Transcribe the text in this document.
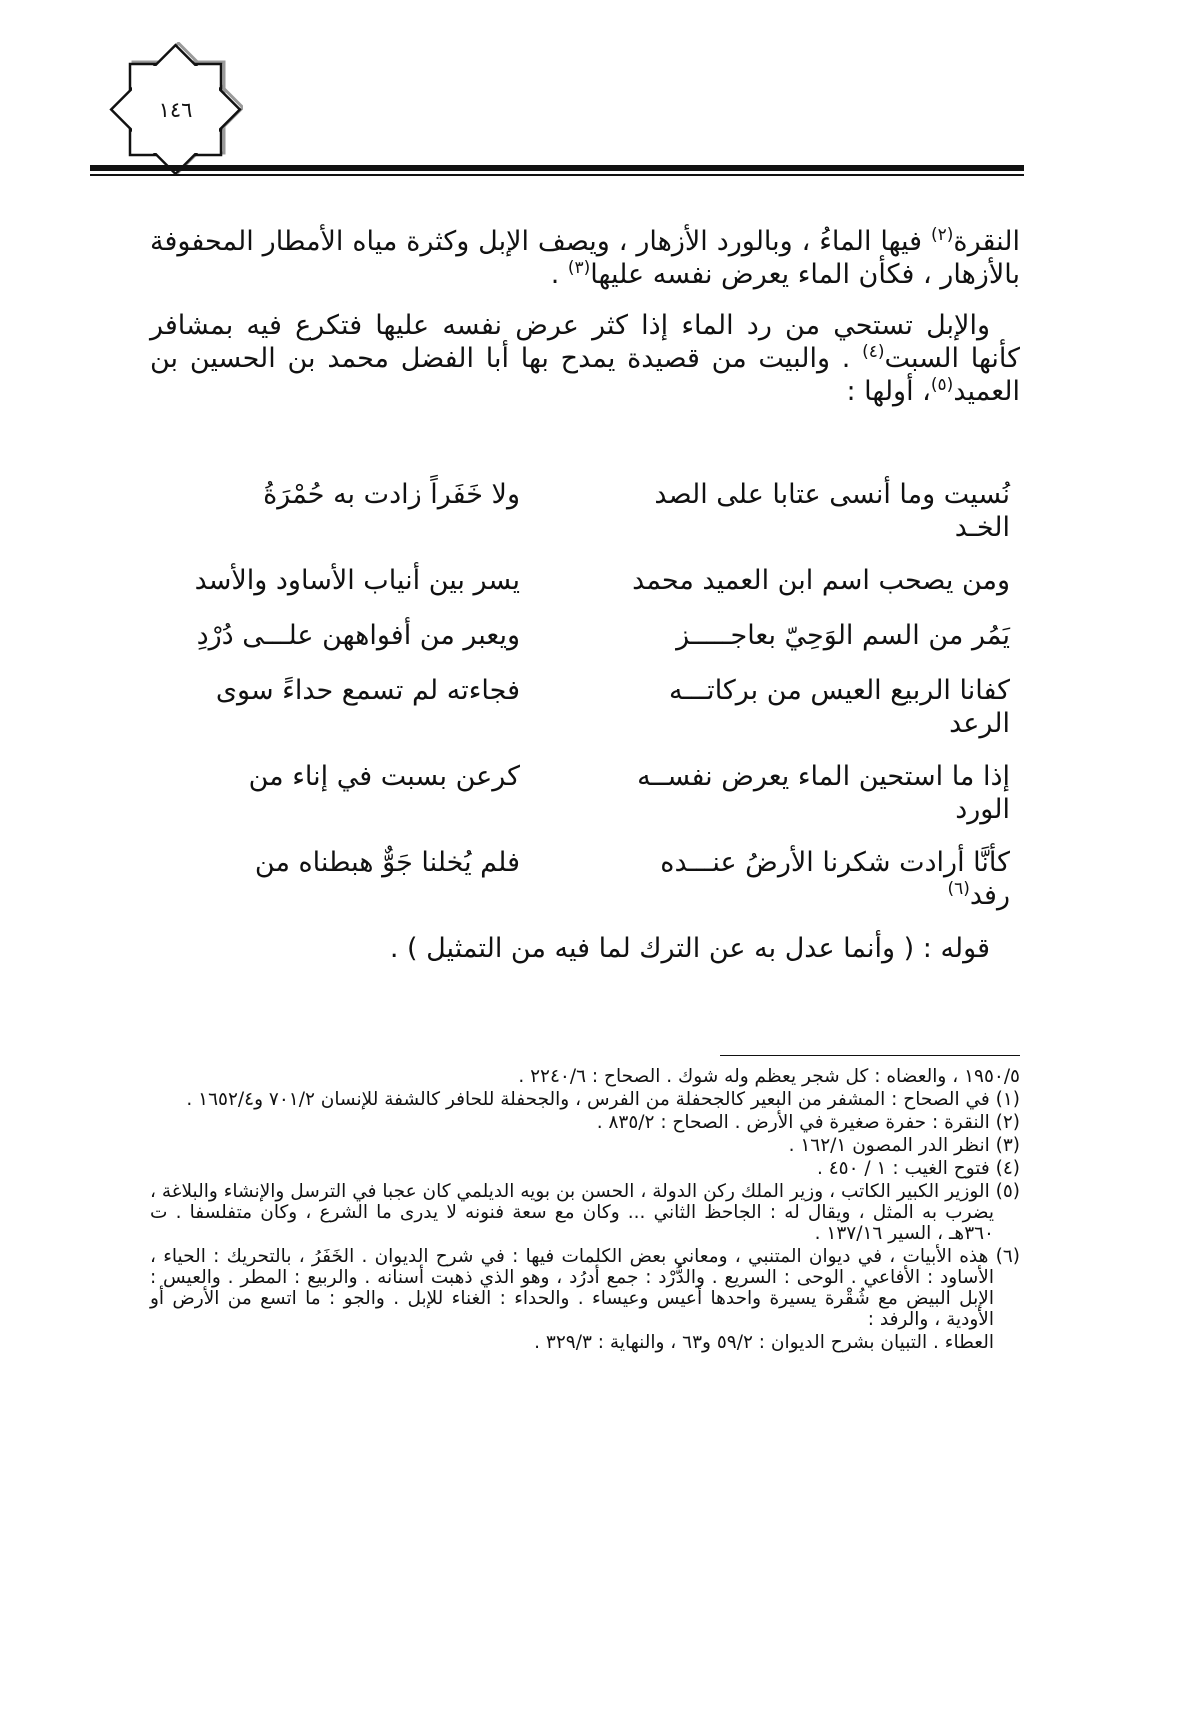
١٤٦

النقرة$^{(٢)}$ فيها الماءُ ، وبالورد الأزهار ، ويصف الإبل وكثرة مياه الأمطار المحفوفة بالأزهار ، فكأن الماء يعرض نفسه عليها$^{(٣)}$ .

والإبل تستحي من رد الماء إذا كثر عرض نفسه عليها فتكرع فيه بمشافر كأنها السبت$^{(٤)}$ . والبيت من قصيدة يمدح بها أبا الفضل محمد بن الحسين بن العميد$^{(٥)}$، أولها :

نُسيت وما أنسى عتابا على الصد
الخـد
ولا خَفَراً زادت به حُمْرَةُ
ومن يصحب اسم ابن العميد محمد
يسر بين أنياب الأساود والأسد
يَمُر من السم الوَحِيّ بعاجـــــز
ويعبر من أفواههن علـــى دُرْدِ
كفانا الربيع العيس من بركاتـــه
الرعد
فجاءته لم تسمع حداءً سوى
إذا ما استحين الماء يعرض نفســه
الورد
كرعن بسبت في إناء من
كأنَّا أرادت شكرنا الأرضُ عنـــده
رفد$^{(٦)}$
فلم يُخلنا جَوٌّ هبطناه من
قوله : ( وأنما عدل به عن الترك لما فيه من التمثيل ) .

١٩٥٠/٥ ، والعضاه : كل شجر يعظم وله شوك . الصحاح : ٢٢٤٠/٦ .

(١) في الصحاح : المشفر من البعير كالجحفلة من الفرس ، والجحفلة للحافر كالشفة للإنسان ٧٠١/٢ و١٦٥٢/٤ .

(٢) النقرة : حفرة صغيرة في الأرض . الصحاح : ٨٣٥/٢ .

(٣) انظر الدر المصون ١٦٢/١ .

(٤) فتوح الغيب : ١ / ٤٥٠ .

(٥) الوزير الكبير الكاتب ، وزير الملك ركن الدولة ، الحسن بن بويه الديلمي كان عجبا في الترسل والإنشاء والبلاغة ، يضرب به المثل ، ويقال له : الجاحظ الثاني ... وكان مع سعة فنونه لا يدرى ما الشرع ، وكان متفلسفا . ت ٣٦٠هـ ، السير ١٣٧/١٦ .

(٦) هذه الأبيات ، في ديوان المتنبي ، ومعاني بعض الكلمات فيها : في شرح الديوان . الخَفَرُ ، بالتحريك : الحياء ، الأساود : الأفاعي . الوحى : السريع . والدُّرْد : جمع أدرُد ، وهو الذي ذهبت أسنانه . والربيع : المطر . والعيس : الإبل البيض مع شُقْرة يسيرة واحدها أعيس وعيساء . والحداء : الغناء للإبل . والجو : ما اتسع من الأرض أو الأودية ، والرفد :

العطاء . التبيان بشرح الديوان : ٥٩/٢ و٦٣ ، والنهاية : ٣٢٩/٣ .
